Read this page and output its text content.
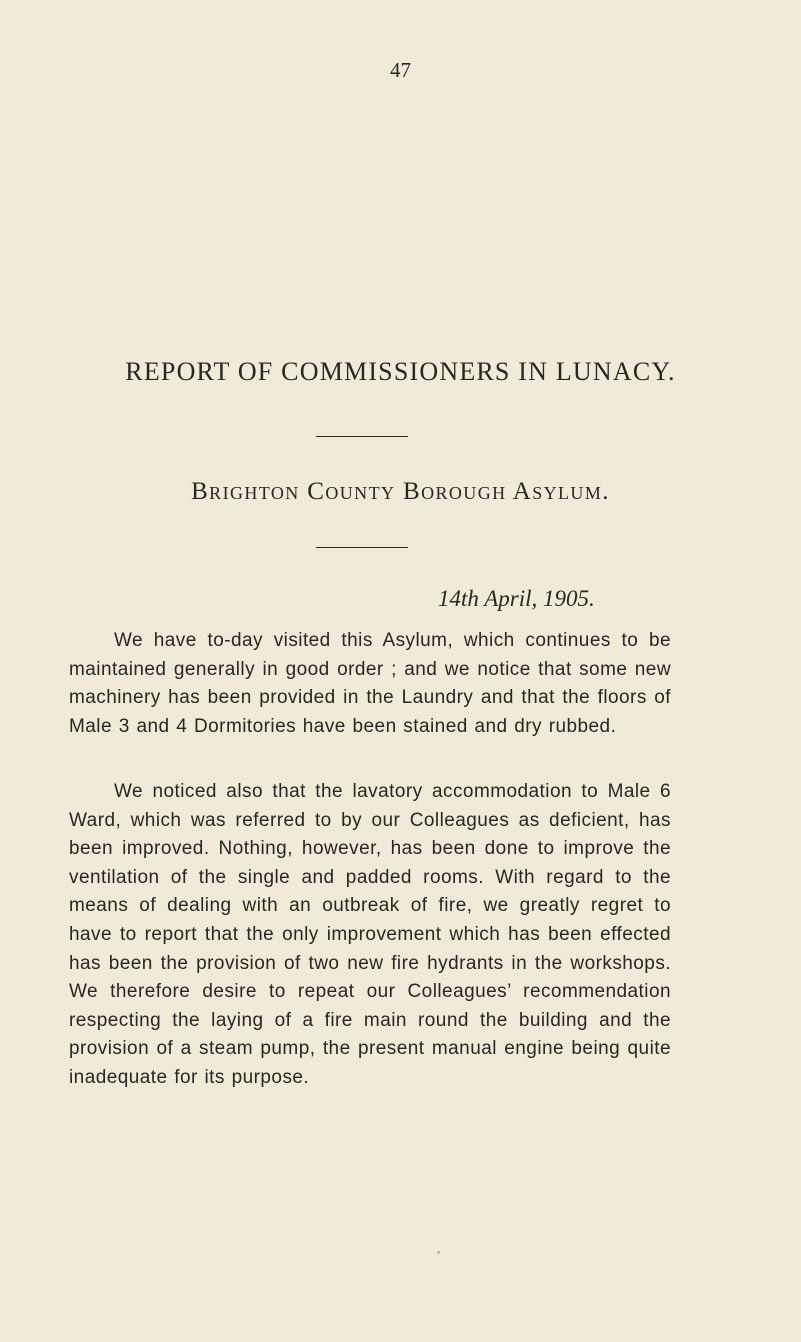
47
REPORT OF COMMISSIONERS IN LUNACY.
Brighton County Borough Asylum.
14th April, 1905.

We have to-day visited this Asylum, which continues to be maintained generally in good order ; and we notice that some new machinery has been provided in the Laundry and that the floors of Male 3 and 4 Dormitories have been stained and dry rubbed.

We noticed also that the lavatory accommodation to Male 6 Ward, which was referred to by our Colleagues as deficient, has been improved. Nothing, however, has been done to improve the ventilation of the single and padded rooms. With regard to the means of dealing with an outbreak of fire, we greatly regret to have to report that the only improvement which has been effected has been the provision of two new fire hydrants in the workshops. We therefore desire to repeat our Colleagues’ recommendation respecting the laying of a fire main round the building and the provision of a steam pump, the present manual engine being quite inadequate for its purpose.
